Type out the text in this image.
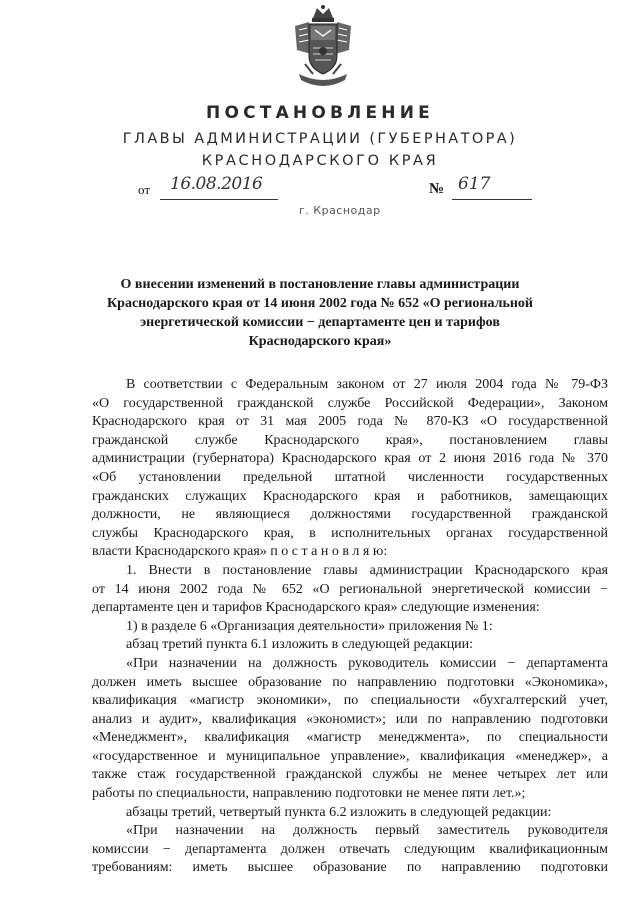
ПОСТАНОВЛЕНИЕ
ГЛАВЫ АДМИНИСТРАЦИИ (ГУБЕРНАТОРА)
КРАСНОДАРСКОГО КРАЯ
от 16.08.2016	№ 617
г. Краснодар
О внесении изменений в постановление главы администрации
Краснодарского края от 14 июня 2002 года № 652 «О региональной
энергетической комиссии − департаменте цен и тарифов
Краснодарского края»
В соответствии с Федеральным законом от 27 июля 2004 года № 79-ФЗ
«О государственной гражданской службе Российской Федерации», Законом
Краснодарского края от 31 мая 2005 года № 870-КЗ «О государственной
гражданской службе Краснодарского края», постановлением главы
администрации (губернатора) Краснодарского края от 2 июня 2016 года № 370
«Об установлении предельной штатной численности государственных
гражданских служащих Краснодарского края и работников, замещающих
должности, не являющиеся должностями государственной гражданской
службы Краснодарского края, в исполнительных органах государственной
власти Краснодарского края» п о с т а н о в л я ю:
1. Внести в постановление главы администрации Краснодарского края
от 14 июня 2002 года № 652 «О региональной энергетической комиссии −
департаменте цен и тарифов Краснодарского края» следующие изменения:
1) в разделе 6 «Организация деятельности» приложения № 1:
абзац третий пункта 6.1 изложить в следующей редакции:
«При назначении на должность руководитель комиссии − департамента
должен иметь высшее образование по направлению подготовки «Экономика»,
квалификация «магистр экономики», по специальности «бухгалтерский учет,
анализ и аудит», квалификация «экономист»; или по направлению подготовки
«Менеджмент», квалификация «магистр менеджмента», по специальности
«государственное и муниципальное управление», квалификация «менеджер», а
также стаж государственной гражданской службы не менее четырех лет или
работы по специальности, направлению подготовки не менее пяти лет.»;
абзацы третий, четвертый пункта 6.2 изложить в следующей редакции:
«При назначении на должность первый заместитель руководителя
комиссии − департамента должен отвечать следующим квалификационным
требованиям: иметь высшее образование по направлению подготовки
